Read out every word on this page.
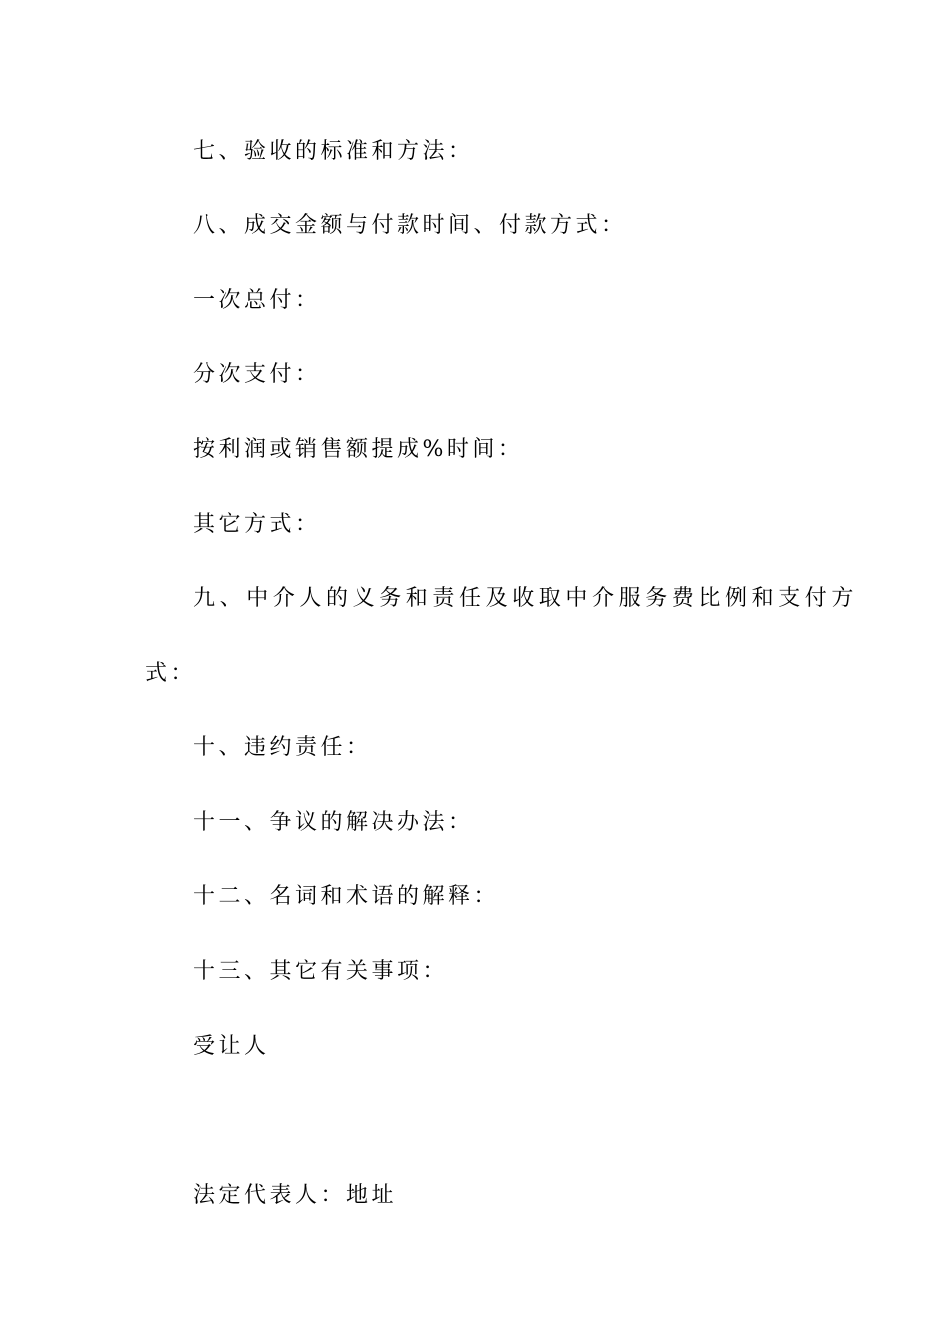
七、验收的标准和方法：
八、成交金额与付款时间、付款方式：
一次总付：
分次支付：
按利润或销售额提成%时间：
其它方式：
九、中介人的义务和责任及收取中介服务费比例和支付方
式：
十、违约责任：
十一、争议的解决办法：
十二、名词和术语的解释：
十三、其它有关事项：
受让人
法定代表人：地址
